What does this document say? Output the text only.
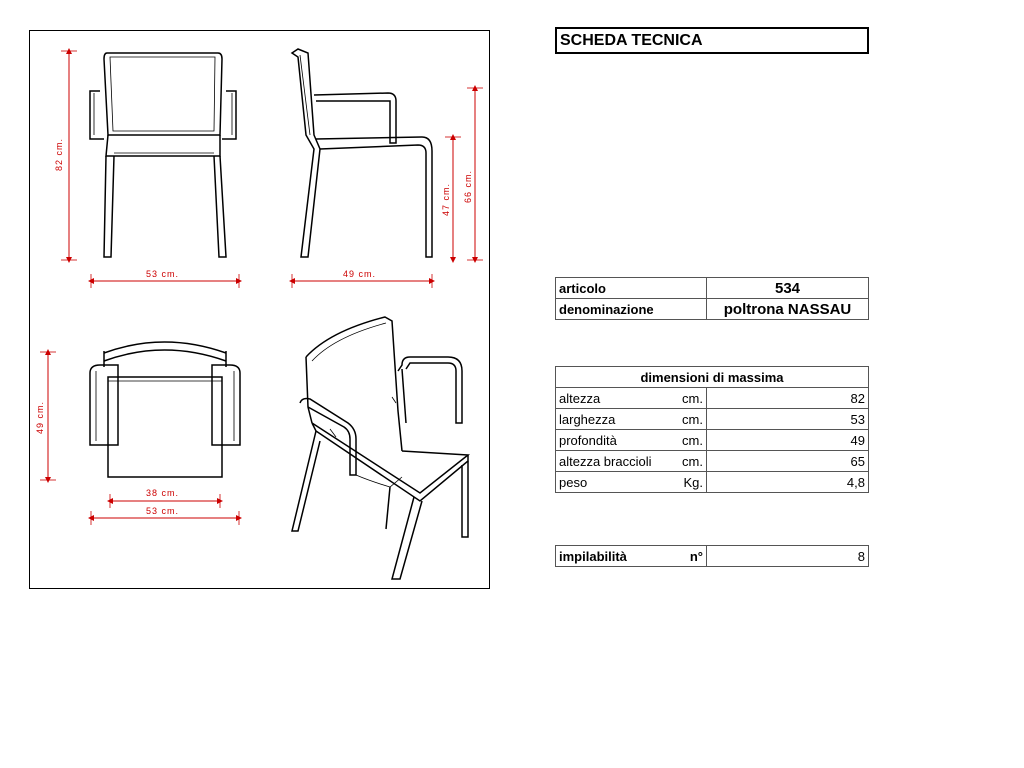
82 cm.
53 cm.
66 cm.
47 cm.
49 cm.
49 cm.
38 cm.
53 cm.
SCHEDA TECNICA
articolo	534
denominazione	poltrona NASSAU
dimensioni di massima	
altezza cm.	82
larghezza cm.	53
profondità cm.	49
altezza braccioli cm.	65
peso Kg.	4,8
impilabilità	n°	8
